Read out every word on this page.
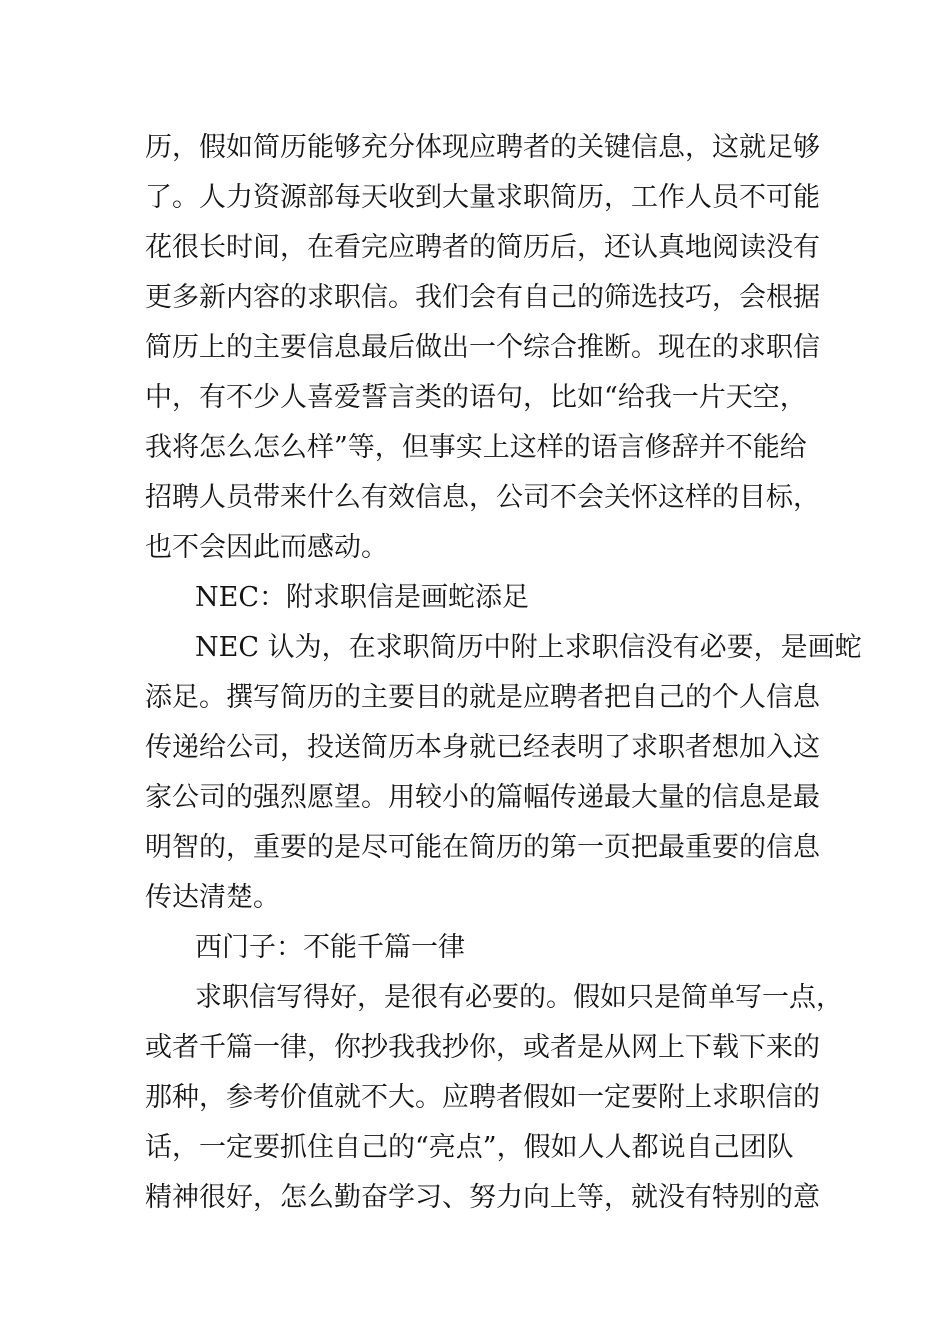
历，假如简历能够充分体现应聘者的关键信息，这就足够
了。人力资源部每天收到大量求职简历，工作人员不可能
花很长时间，在看完应聘者的简历后，还认真地阅读没有
更多新内容的求职信。我们会有自己的筛选技巧，会根据
简历上的主要信息最后做出一个综合推断。现在的求职信
中，有不少人喜爱誓言类的语句，比如“给我一片天空，
我将怎么怎么样”等，但事实上这样的语言修辞并不能给
招聘人员带来什么有效信息，公司不会关怀这样的目标，
也不会因此而感动。
NEC：附求职信是画蛇添足
NEC 认为，在求职简历中附上求职信没有必要，是画蛇
添足。撰写简历的主要目的就是应聘者把自己的个人信息
传递给公司，投送简历本身就已经表明了求职者想加入这
家公司的强烈愿望。用较小的篇幅传递最大量的信息是最
明智的，重要的是尽可能在简历的第一页把最重要的信息
传达清楚。
西门子：不能千篇一律
求职信写得好，是很有必要的。假如只是简单写一点，
或者千篇一律，你抄我我抄你，或者是从网上下载下来的
那种，参考价值就不大。应聘者假如一定要附上求职信的
话，一定要抓住自己的“亮点”，假如人人都说自己团队
精神很好，怎么勤奋学习、努力向上等，就没有特别的意
